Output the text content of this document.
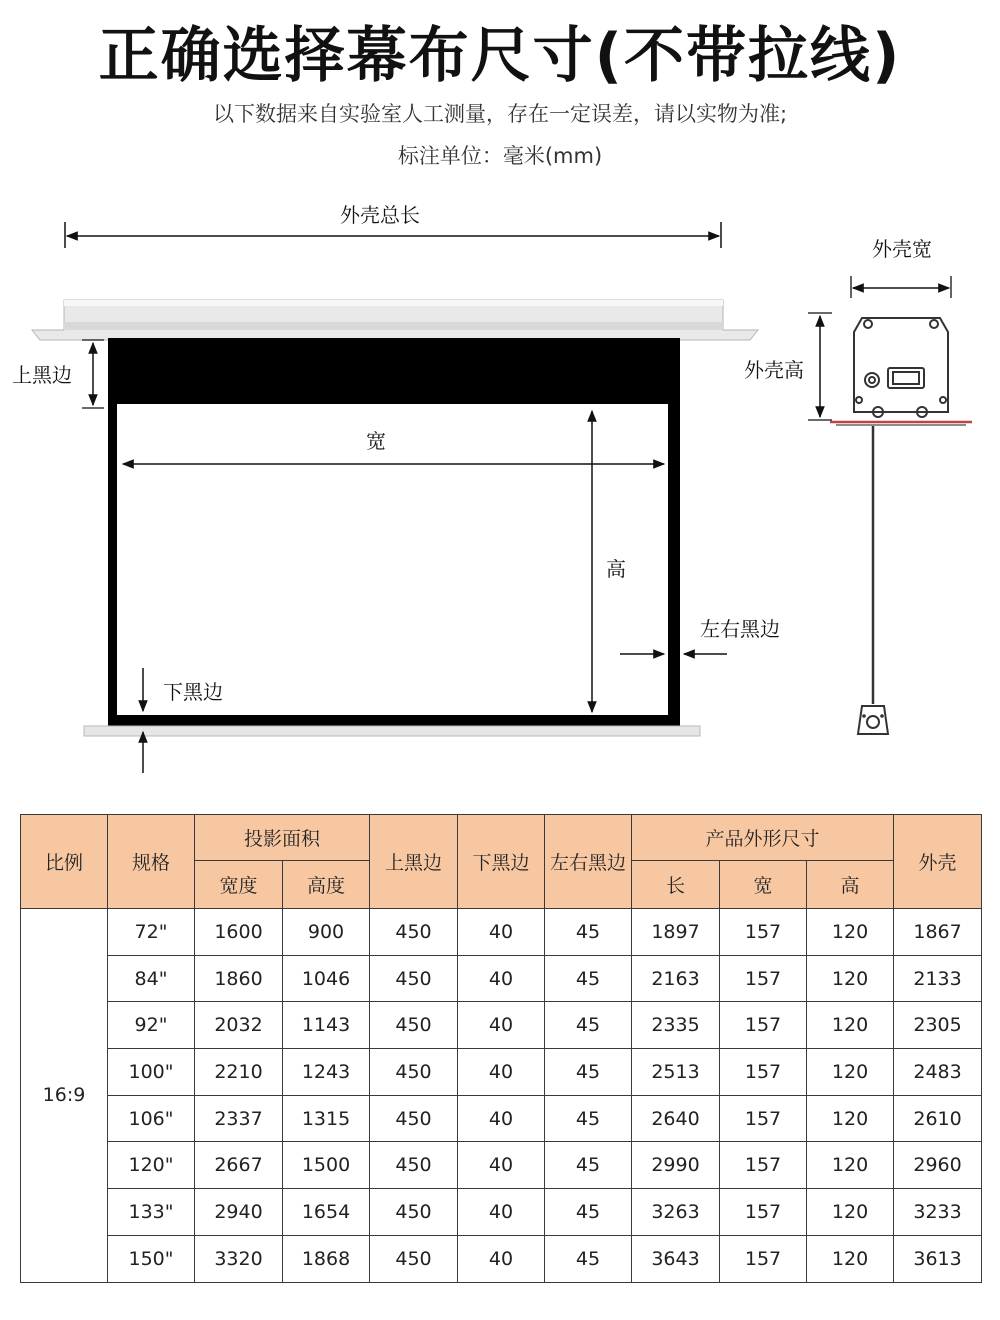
正确选择幕布尺寸(不带拉线)
以下数据来自实验室人工测量，存在一定误差，请以实物为准;
标注单位：毫米(mm)
外壳总长
上黑边
宽
高
左右黑边
下黑边
外壳宽
外壳高
比例	规格	投影面积		上黑边	下黑边	左右黑边	产品外形尺寸			外壳
		宽度	高度				长	宽	高	
16:9	72"	1600	900	450	40	45	1897	157	120	1867
	84"	1860	1046	450	40	45	2163	157	120	2133
	92"	2032	1143	450	40	45	2335	157	120	2305
	100"	2210	1243	450	40	45	2513	157	120	2483
	106"	2337	1315	450	40	45	2640	157	120	2610
	120"	2667	1500	450	40	45	2990	157	120	2960
	133"	2940	1654	450	40	45	3263	157	120	3233
	150"	3320	1868	450	40	45	3643	157	120	3613
